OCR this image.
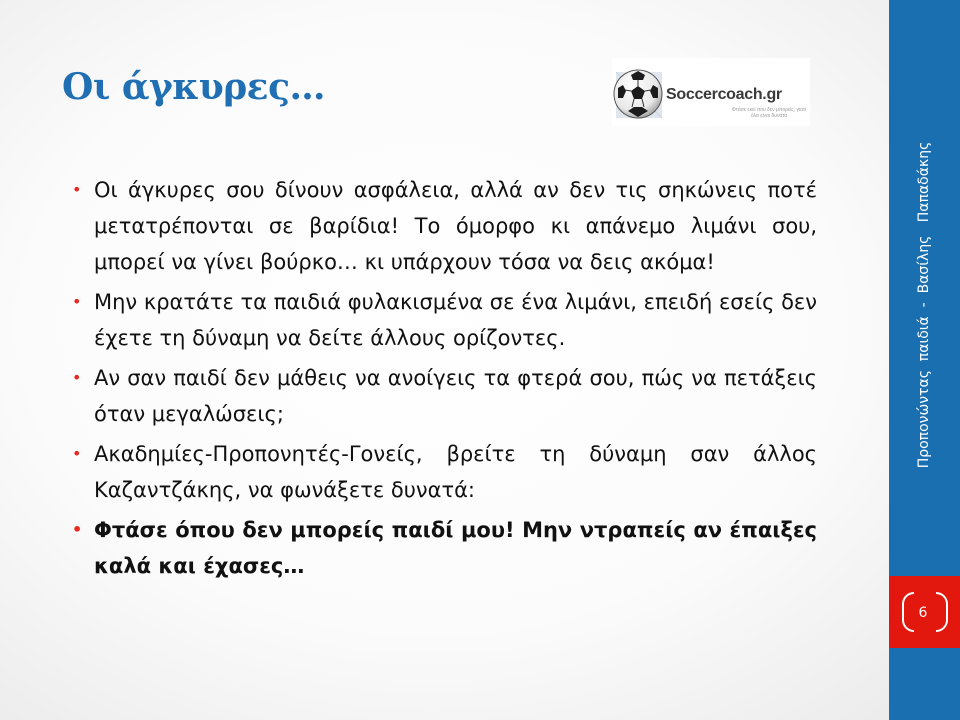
Οι άγκυρες…	Soccercoach.gr
Φτάσε εκεί που δεν μπορείς, γιατί όλα είναι δυνατά
• Οι άγκυρες σου δίνουν ασφάλεια, αλλά αν δεν τις σηκώνεις ποτέ μετατρέπονται σε βαρίδια! Το όμορφο κι απάνεμο λιμάνι σου, μπορεί να γίνει βούρκο… κι υπάρχουν τόσα να δεις ακόμα!
• Μην κρατάτε τα παιδιά φυλακισμένα σε ένα λιμάνι, επειδή εσείς δεν έχετε τη δύναμη να δείτε άλλους ορίζοντες.
• Αν σαν παιδί δεν μάθεις να ανοίγεις τα φτερά σου, πώς να πετάξεις όταν μεγαλώσεις;
• Ακαδημίες-Προπονητές-Γονείς, βρείτε τη δύναμη σαν άλλος Καζαντζάκης, να φωνάξετε δυνατά:
• Φτάσε όπου δεν μπορείς παιδί μου! Μην ντραπείς αν έπαιξες καλά και έχασες…
Προπονώντας  παιδιά  -  Βασίλης   Παπαδάκης
6
